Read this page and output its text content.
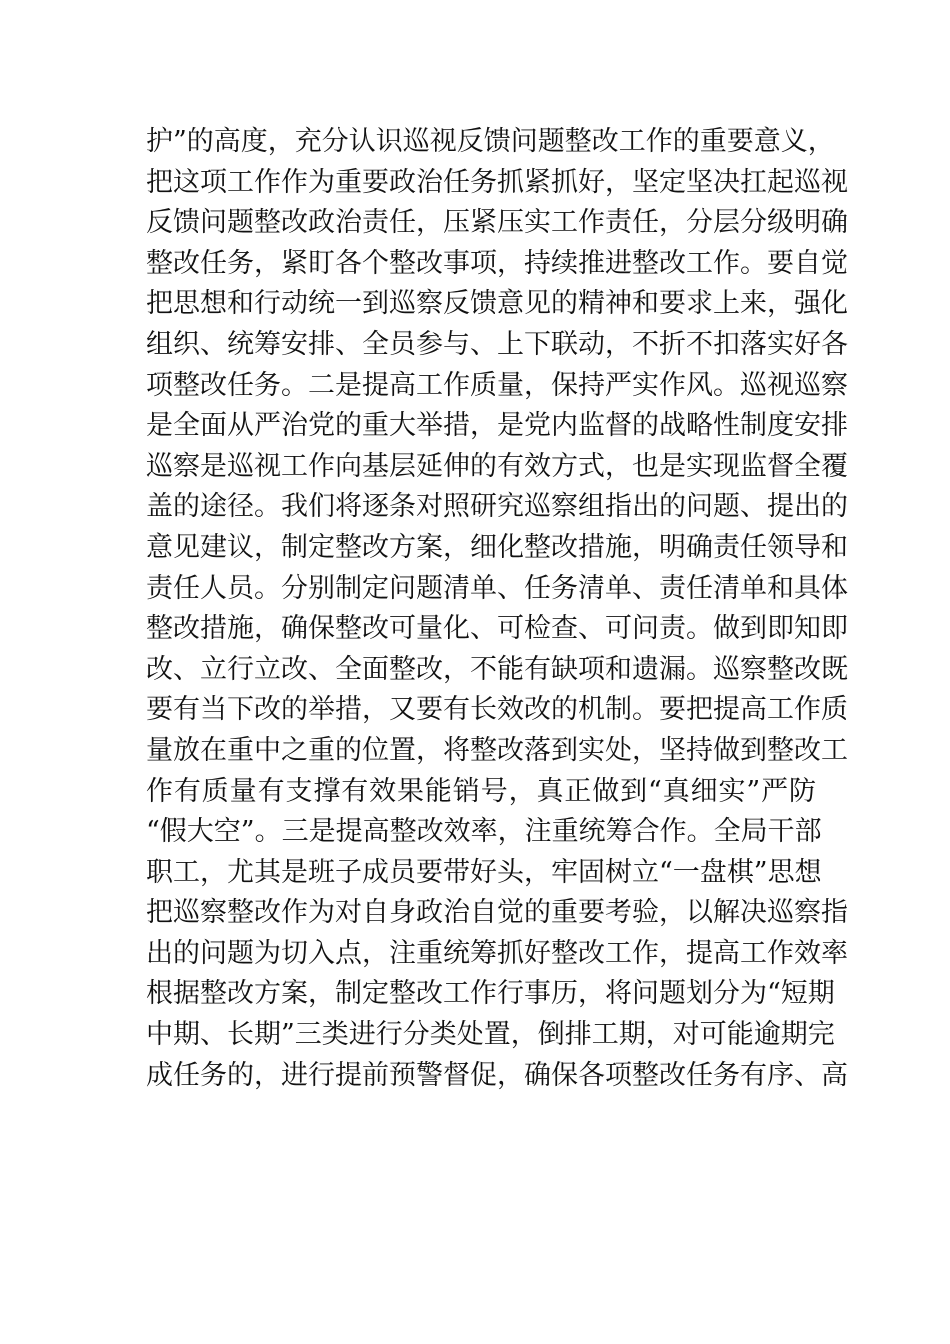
护”的高度，充分认识巡视反馈问题整改工作的重要意义，
把这项工作作为重要政治任务抓紧抓好，坚定坚决扛起巡视
反馈问题整改政治责任，压紧压实工作责任，分层分级明确
整改任务，紧盯各个整改事项，持续推进整改工作。要自觉
把思想和行动统一到巡察反馈意见的精神和要求上来，强化
组织、统筹安排、全员参与、上下联动，不折不扣落实好各
项整改任务。二是提高工作质量，保持严实作风。巡视巡察
是全面从严治党的重大举措，是党内监督的战略性制度安排
巡察是巡视工作向基层延伸的有效方式，也是实现监督全覆
盖的途径。我们将逐条对照研究巡察组指出的问题、提出的
意见建议，制定整改方案，细化整改措施，明确责任领导和
责任人员。分别制定问题清单、任务清单、责任清单和具体
整改措施，确保整改可量化、可检查、可问责。做到即知即
改、立行立改、全面整改，不能有缺项和遗漏。巡察整改既
要有当下改的举措，又要有长效改的机制。要把提高工作质
量放在重中之重的位置，将整改落到实处，坚持做到整改工
作有质量有支撑有效果能销号，真正做到“真细实”严防
“假大空”。三是提高整改效率，注重统筹合作。全局干部
职工，尤其是班子成员要带好头，牢固树立“一盘棋”思想
把巡察整改作为对自身政治自觉的重要考验，以解决巡察指
出的问题为切入点，注重统筹抓好整改工作，提高工作效率
根据整改方案，制定整改工作行事历，将问题划分为“短期
中期、长期”三类进行分类处置，倒排工期，对可能逾期完
成任务的，进行提前预警督促，确保各项整改任务有序、高
